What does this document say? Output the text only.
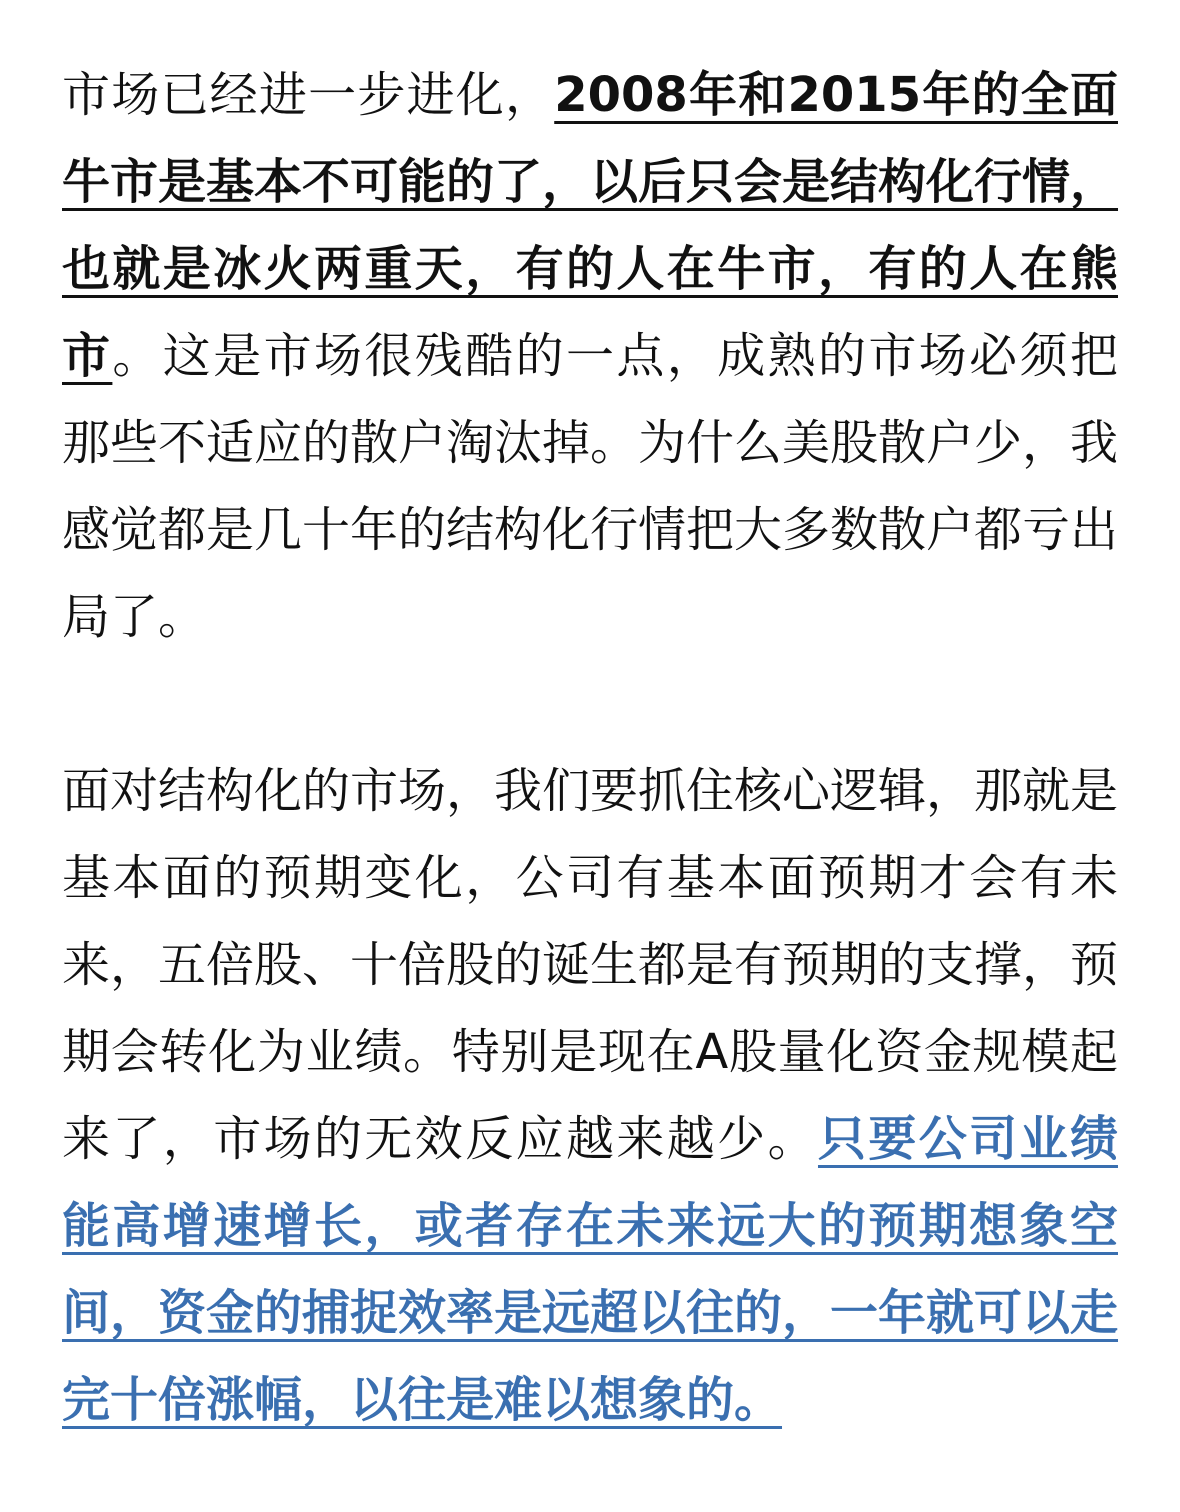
市场已经进一步进化，2008年和2015年的全面牛市是基本不可能的了，以后只会是结构化行情，也就是冰火两重天，有的人在牛市，有的人在熊市。这是市场很残酷的一点，成熟的市场必须把那些不适应的散户淘汰掉。为什么美股散户少，我感觉都是几十年的结构化行情把大多数散户都亏出局了。

面对结构化的市场，我们要抓住核心逻辑，那就是基本面的预期变化，公司有基本面预期才会有未来，五倍股、十倍股的诞生都是有预期的支撑，预期会转化为业绩。特别是现在A股量化资金规模起来了，市场的无效反应越来越少。只要公司业绩能高增速增长，或者存在未来远大的预期想象空间，资金的捕捉效率是远超以往的，一年就可以走完十倍涨幅，以往是难以想象的。
